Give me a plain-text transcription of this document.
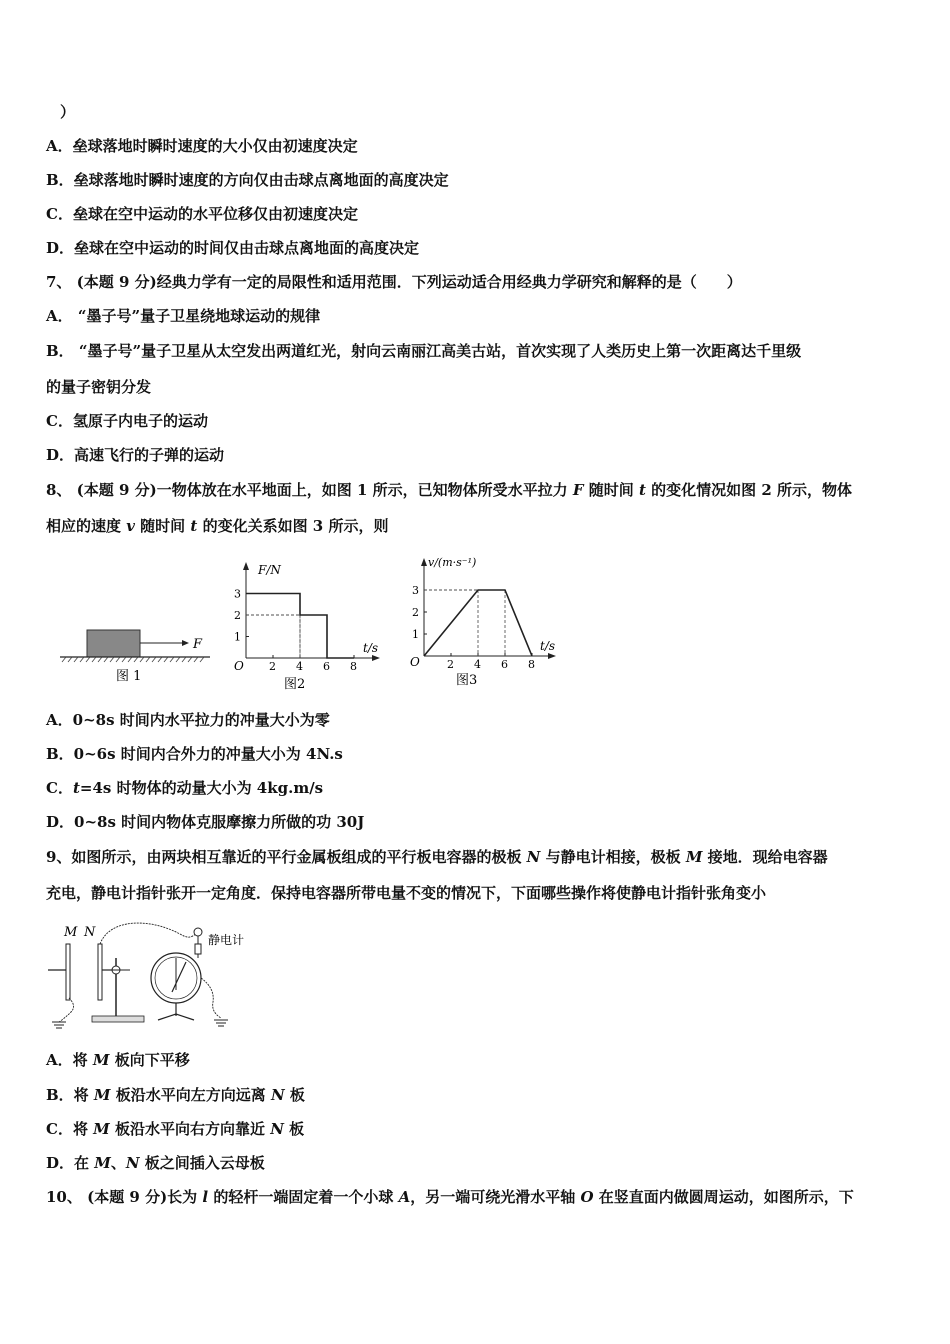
）
A．垒球落地时瞬时速度的大小仅由初速度决定
B．垒球落地时瞬时速度的方向仅由击球点离地面的高度决定
C．垒球在空中运动的水平位移仅由初速度决定
D．垒球在空中运动的时间仅由击球点离地面的高度决定
7、 (本题 9 分)经典力学有一定的局限性和适用范围．下列运动适合用经典力学研究和解释的是（　　）
A． “墨子号”量子卫星绕地球运动的规律
B． “墨子号”量子卫星从太空发出两道红光，射向云南丽江高美古站，首次实现了人类历史上第一次距离达千里级
的量子密钥分发
C．氢原子内电子的运动
D．高速飞行的子弹的运动
8、 (本题 9 分)一物体放在水平地面上，如图 1 所示，已知物体所受水平拉力 F 随时间 t 的变化情况如图 2 所示，物体
相应的速度 v 随时间 t 的变化关系如图 3 所示，则
F
图 1
F/N
t/s
O 2 4 6 8
1
2
3
图2
v/(m·s⁻¹)
t/s
O 2 4 6 8
1
2
3
图3
A．0~8s 时间内水平拉力的冲量大小为零
B．0~6s 时间内合外力的冲量大小为 4N.s
C．t=4s 时物体的动量大小为 4kg.m/s
D．0~8s 时间内物体克服摩擦力所做的功 30J
9、如图所示，由两块相互靠近的平行金属板组成的平行板电容器的极板 N 与静电计相接，极板 M 接地．现给电容器
充电，静电计指针张开一定角度．保持电容器所带电量不变的情况下，下面哪些操作将使静电计指针张角变小
M N	静电计
A．将 M 板向下平移
B．将 M 板沿水平向左方向远离 N 板
C．将 M 板沿水平向右方向靠近 N 板
D．在 M、N 板之间插入云母板
10、 (本题 9 分)长为 l 的轻杆一端固定着一个小球 A，另一端可绕光滑水平轴 O 在竖直面内做圆周运动，如图所示，下
